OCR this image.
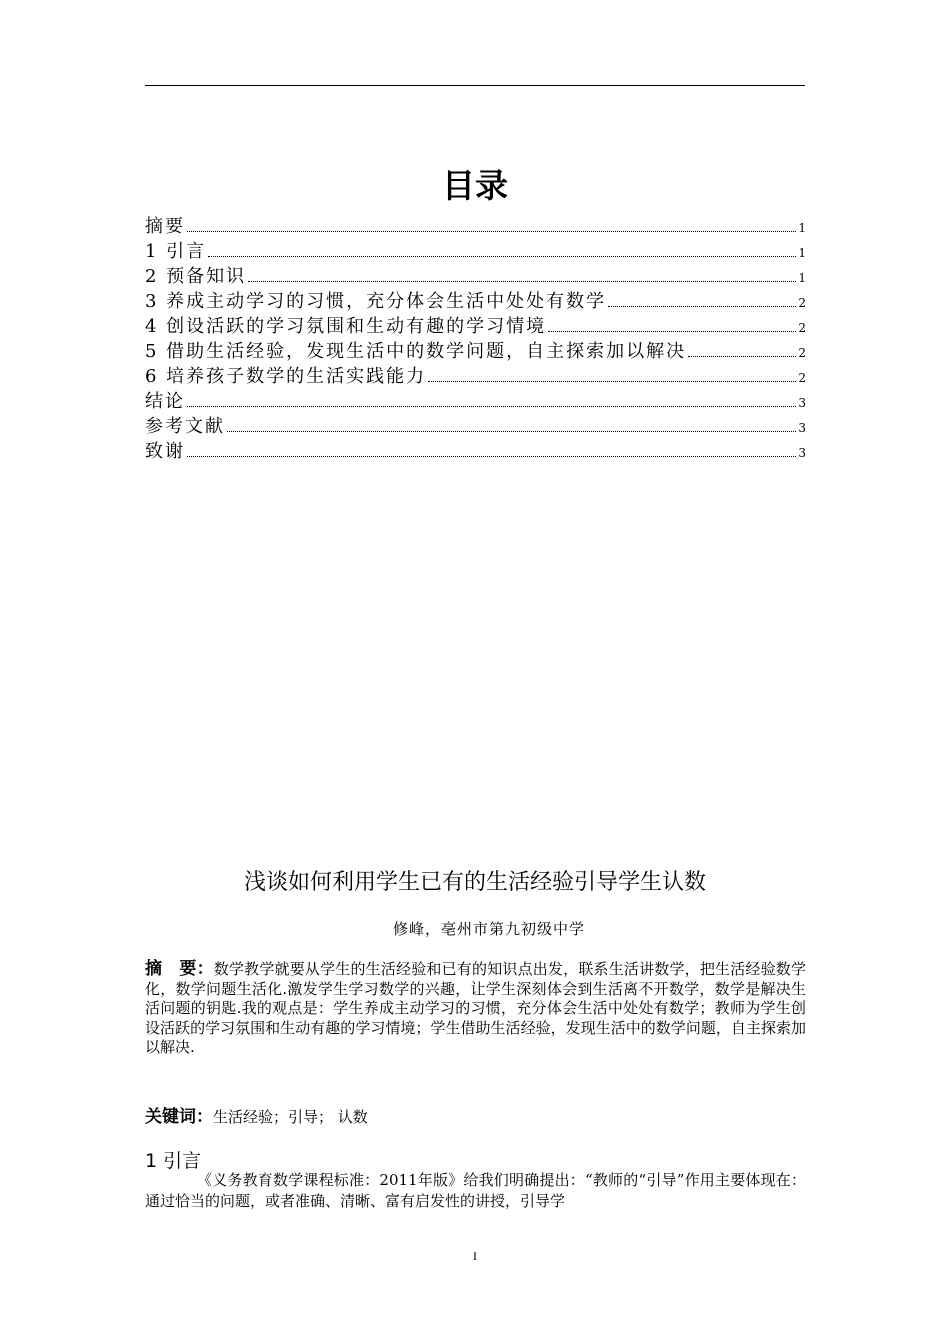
目录
摘要	1
1 引言	1
2 预备知识	1
3 养成主动学习的习惯，充分体会生活中处处有数学	2
4 创设活跃的学习氛围和生动有趣的学习情境	2
5 借助生活经验，发现生活中的数学问题，自主探索加以解决	2
6 培养孩子数学的生活实践能力	2
结论	3
参考文献	3
致谢	3
浅谈如何利用学生已有的生活经验引导学生认数
修峰，亳州市第九初级中学
摘　要：数学教学就要从学生的生活经验和已有的知识点出发，联系生活讲数学，把生活经验数学化，数学问题生活化.激发学生学习数学的兴趣，让学生深刻体会到生活离不开数学，数学是解决生活问题的钥匙.我的观点是：学生养成主动学习的习惯，充分体会生活中处处有数学；教师为学生创设活跃的学习氛围和生动有趣的学习情境；学生借助生活经验，发现生活中的数学问题，自主探索加以解决.
关键词：生活经验；引导； 认数
1 引言
《义务教育数学课程标准：2011年版》给我们明确提出：“教师的“引导”作用主要体现在：通过恰当的问题，或者准确、清晰、富有启发性的讲授，引导学
I
